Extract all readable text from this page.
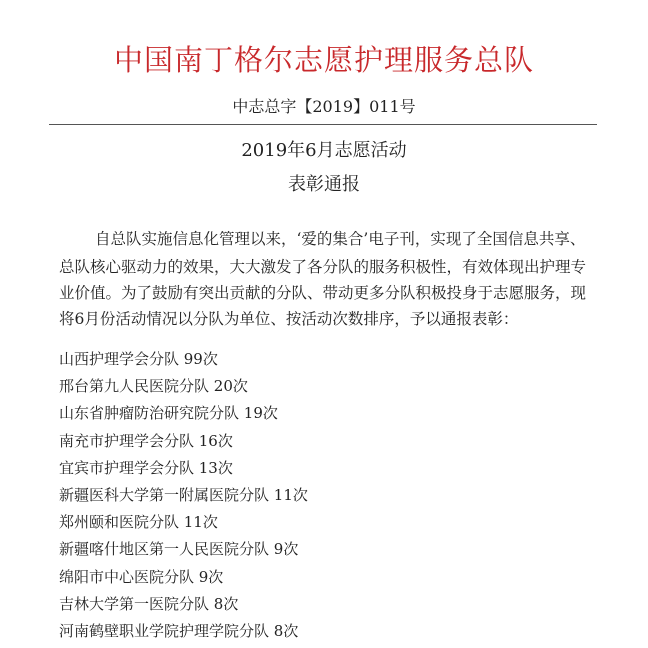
中国南丁格尔志愿护理服务总队
中志总字【2019】011号
2019年6月志愿活动
表彰通报
自总队实施信息化管理以来，‘爱的集合’电子刊，实现了全国信息共享、
总队核心驱动力的效果，大大激发了各分队的服务积极性，有效体现出护理专
业价值。为了鼓励有突出贡献的分队、带动更多分队积极投身于志愿服务，现
将6月份活动情况以分队为单位、按活动次数排序，予以通报表彰：
山西护理学会分队 99次
邢台第九人民医院分队 20次
山东省肿瘤防治研究院分队 19次
南充市护理学会分队 16次
宜宾市护理学会分队 13次
新疆医科大学第一附属医院分队 11次
郑州颐和医院分队 11次
新疆喀什地区第一人民医院分队 9次
绵阳市中心医院分队 9次
吉林大学第一医院分队 8次
河南鹤壁职业学院护理学院分队 8次
